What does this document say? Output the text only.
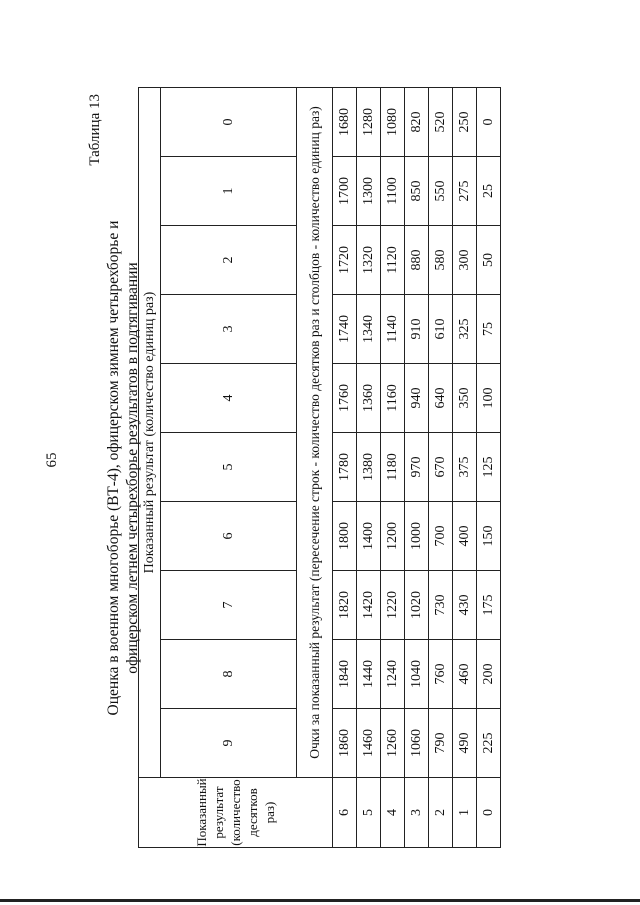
65
Таблица 13
Оценка в военном многоборье (ВТ-4), офицерском зимнем четырехборье и офицерском летнем четырехборье результатов в подтягивании
Показанный результат (количество десятков раз)	Показанный результат (количество единиц раз)									
	9	8	7	6	5	4	3	2	1	0
	Очки за показанный результат (пересечение строк - количество десятков раз и столбцов - количество единиц раз)									
6	1860	1840	1820	1800	1780	1760	1740	1720	1700	1680
5	1460	1440	1420	1400	1380	1360	1340	1320	1300	1280
4	1260	1240	1220	1200	1180	1160	1140	1120	1100	1080
3	1060	1040	1020	1000	970	940	910	880	850	820
2	790	760	730	700	670	640	610	580	550	520
1	490	460	430	400	375	350	325	300	275	250
0	225	200	175	150	125	100	75	50	25	0
